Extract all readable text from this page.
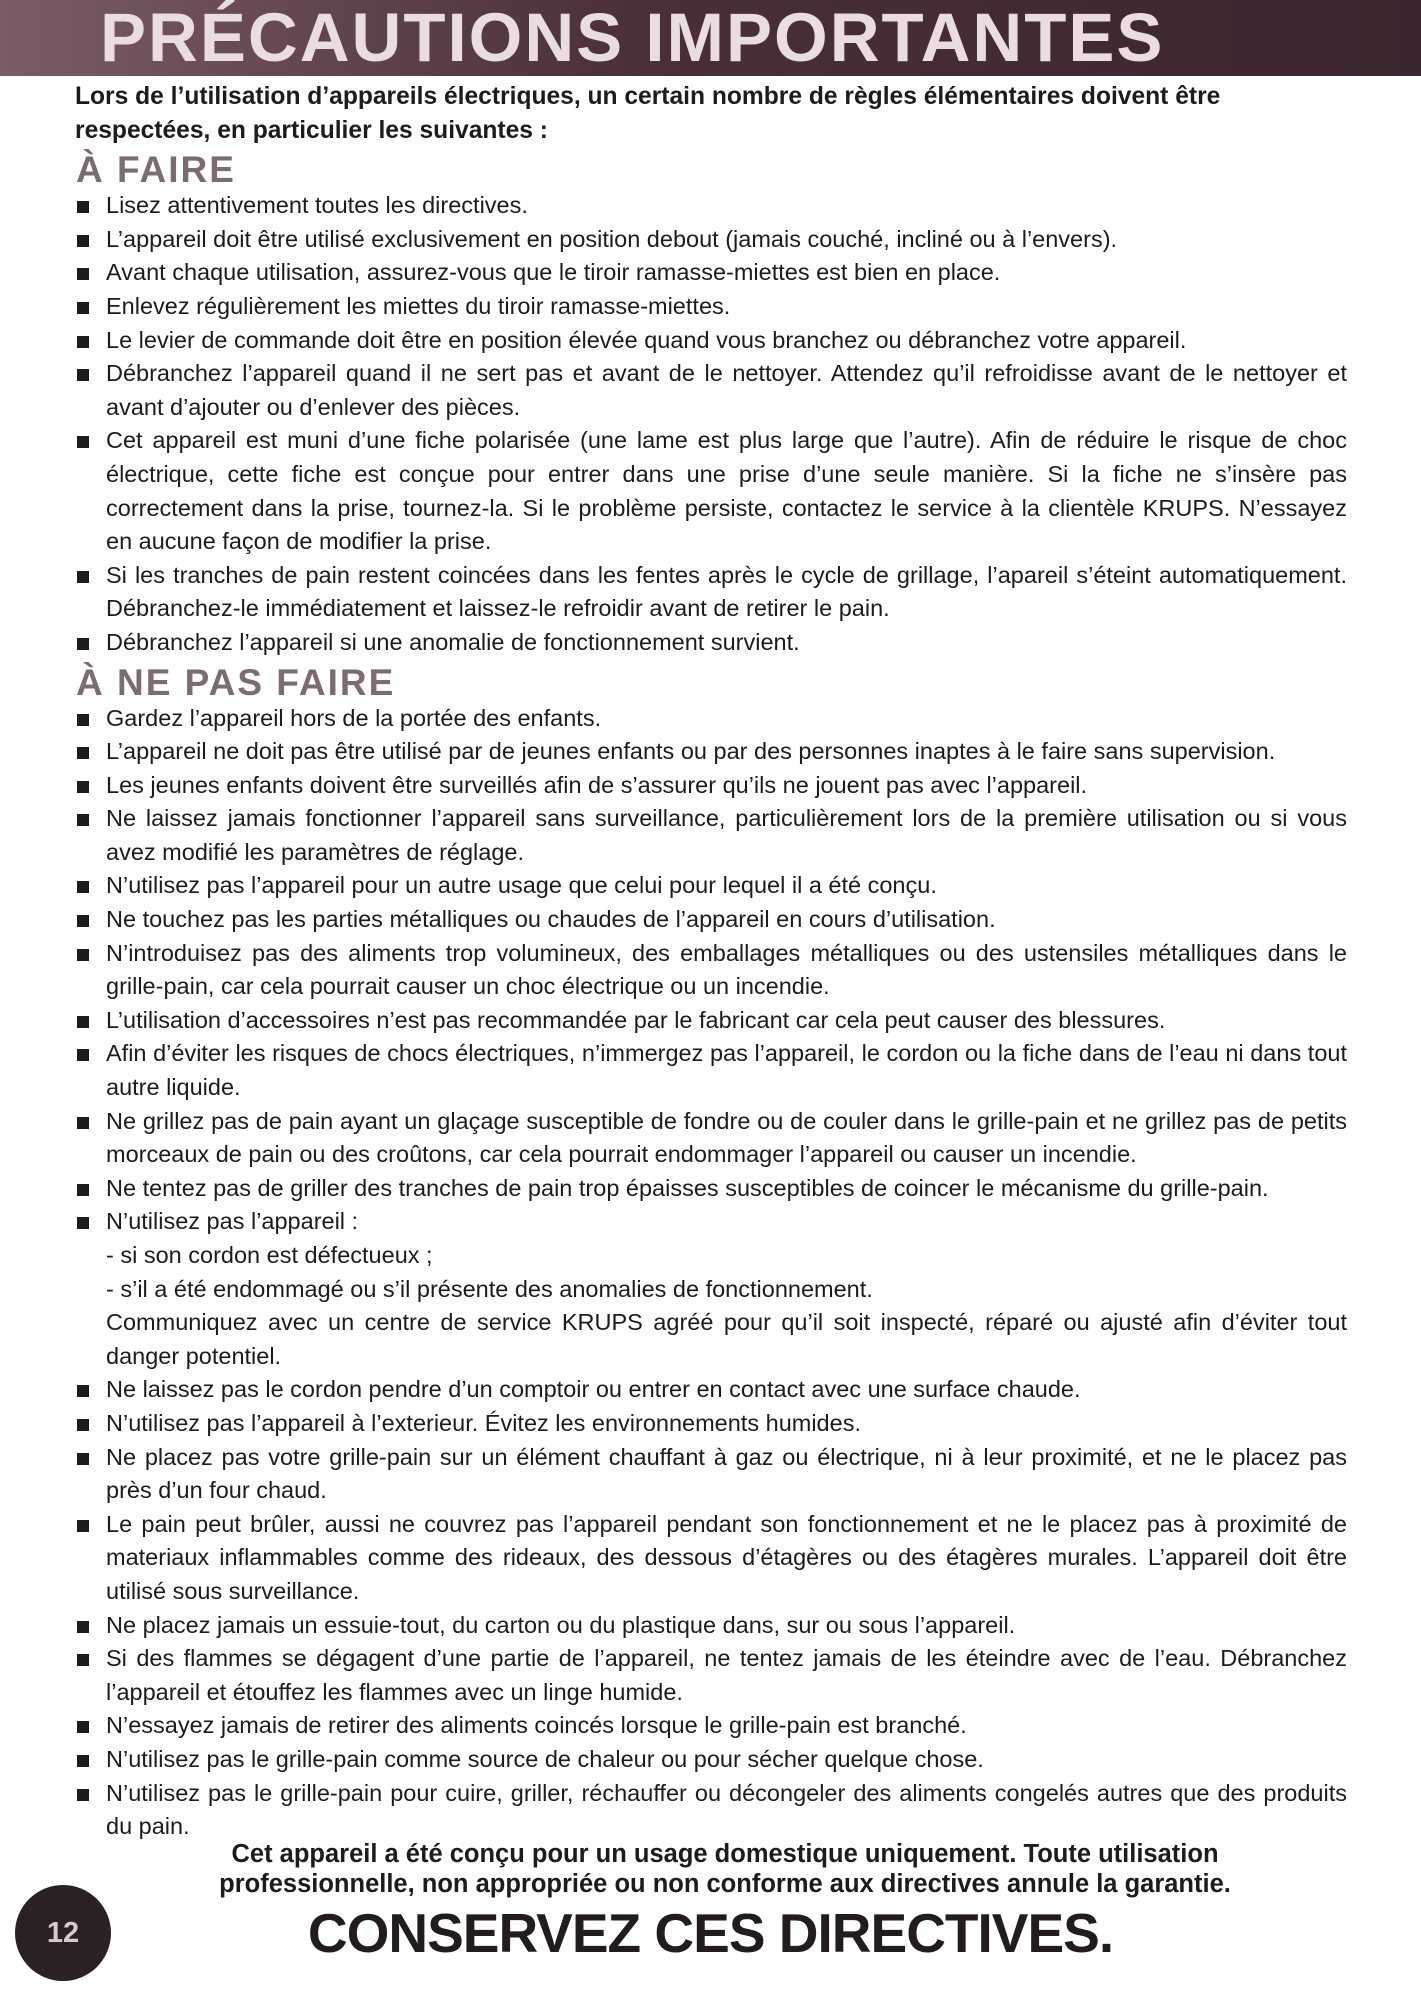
PRÉCAUTIONS IMPORTANTES

Lors de l’utilisation d’appareils électriques, un certain nombre de règles élémentaires doivent être respectées, en particulier les suivantes :

À FAIRE
Lisez attentivement toutes les directives.
L’appareil doit être utilisé exclusivement en position debout (jamais couché, incliné ou à l’envers).
Avant chaque utilisation, assurez-vous que le tiroir ramasse-miettes est bien en place.
Enlevez régulièrement les miettes du tiroir ramasse-miettes.
Le levier de commande doit être en position élevée quand vous branchez ou débranchez votre appareil.
Débranchez l’appareil quand il ne sert pas et avant de le nettoyer. Attendez qu’il refroidisse avant de le nettoyer et avant d’ajouter ou d’enlever des pièces.
Cet appareil est muni d’une fiche polarisée (une lame est plus large que l’autre). Afin de réduire le risque de choc électrique, cette fiche est conçue pour entrer dans une prise d’une seule manière. Si la fiche ne s’insère pas correctement dans la prise, tournez-la. Si le problème persiste, contactez le service à la clientèle KRUPS. N’essayez en aucune façon de modifier la prise.
Si les tranches de pain restent coincées dans les fentes après le cycle de grillage, l’apareil s’éteint automatiquement. Débranchez-le immédiatement et laissez-le refroidir avant de retirer le pain.
Débranchez l’appareil si une anomalie de fonctionnement survient.
À NE PAS FAIRE
Gardez l’appareil hors de la portée des enfants.
L’appareil ne doit pas être utilisé par de jeunes enfants ou par des personnes inaptes à le faire sans supervision.
Les jeunes enfants doivent être surveillés afin de s’assurer qu’ils ne jouent pas avec l’appareil.
Ne laissez jamais fonctionner l’appareil sans surveillance, particulièrement lors de la première utilisation ou si vous avez modifié les paramètres de réglage.
N’utilisez pas l’appareil pour un autre usage que celui pour lequel il a été conçu.
Ne touchez pas les parties métalliques ou chaudes de l’appareil en cours d’utilisation.
N’introduisez pas des aliments trop volumineux, des emballages métalliques ou des ustensiles métalliques dans le grille-pain, car cela pourrait causer un choc électrique ou un incendie.
L’utilisation d’accessoires n’est pas recommandée par le fabricant car cela peut causer des blessures.
Afin d’éviter les risques de chocs électriques, n’immergez pas l’appareil, le cordon ou la fiche dans de l’eau ni dans tout autre liquide.
Ne grillez pas de pain ayant un glaçage susceptible de fondre ou de couler dans le grille-pain et ne grillez pas de petits morceaux de pain ou des croûtons, car cela pourrait endommager l’appareil ou causer un incendie.
Ne tentez pas de griller des tranches de pain trop épaisses susceptibles de coincer le mécanisme du grille-pain.
N’utilisez pas l’appareil :
- si son cordon est défectueux ;
- s’il a été endommagé ou s’il présente des anomalies de fonctionnement.
Communiquez avec un centre de service KRUPS agréé pour qu’il soit inspecté, réparé ou ajusté afin d’éviter tout danger potentiel.
Ne laissez pas le cordon pendre d’un comptoir ou entrer en contact avec une surface chaude.
N’utilisez pas l’appareil à l’exterieur. Évitez les environnements humides.
Ne placez pas votre grille-pain sur un élément chauffant à gaz ou électrique, ni à leur proximité, et ne le placez pas près d’un four chaud.
Le pain peut brûler, aussi ne couvrez pas l’appareil pendant son fonctionnement et ne le placez pas à proximité de materiaux inflammables comme des rideaux, des dessous d’étagères ou des étagères murales. L’appareil doit être utilisé sous surveillance.
Ne placez jamais un essuie-tout, du carton ou du plastique dans, sur ou sous l’appareil.
Si des flammes se dégagent d’une partie de l’appareil, ne tentez jamais de les éteindre avec de l’eau. Débranchez l’appareil et étouffez les flammes avec un linge humide.
N’essayez jamais de retirer des aliments coincés lorsque le grille-pain est branché.
N’utilisez pas le grille-pain comme source de chaleur ou pour sécher quelque chose.
N’utilisez pas le grille-pain pour cuire, griller, réchauffer ou décongeler des aliments congelés autres que des produits du pain.
Cet appareil a été conçu pour un usage domestique uniquement. Toute utilisation professionnelle, non appropriée ou non conforme aux directives annule la garantie.
12	CONSERVEZ CES DIRECTIVES.
